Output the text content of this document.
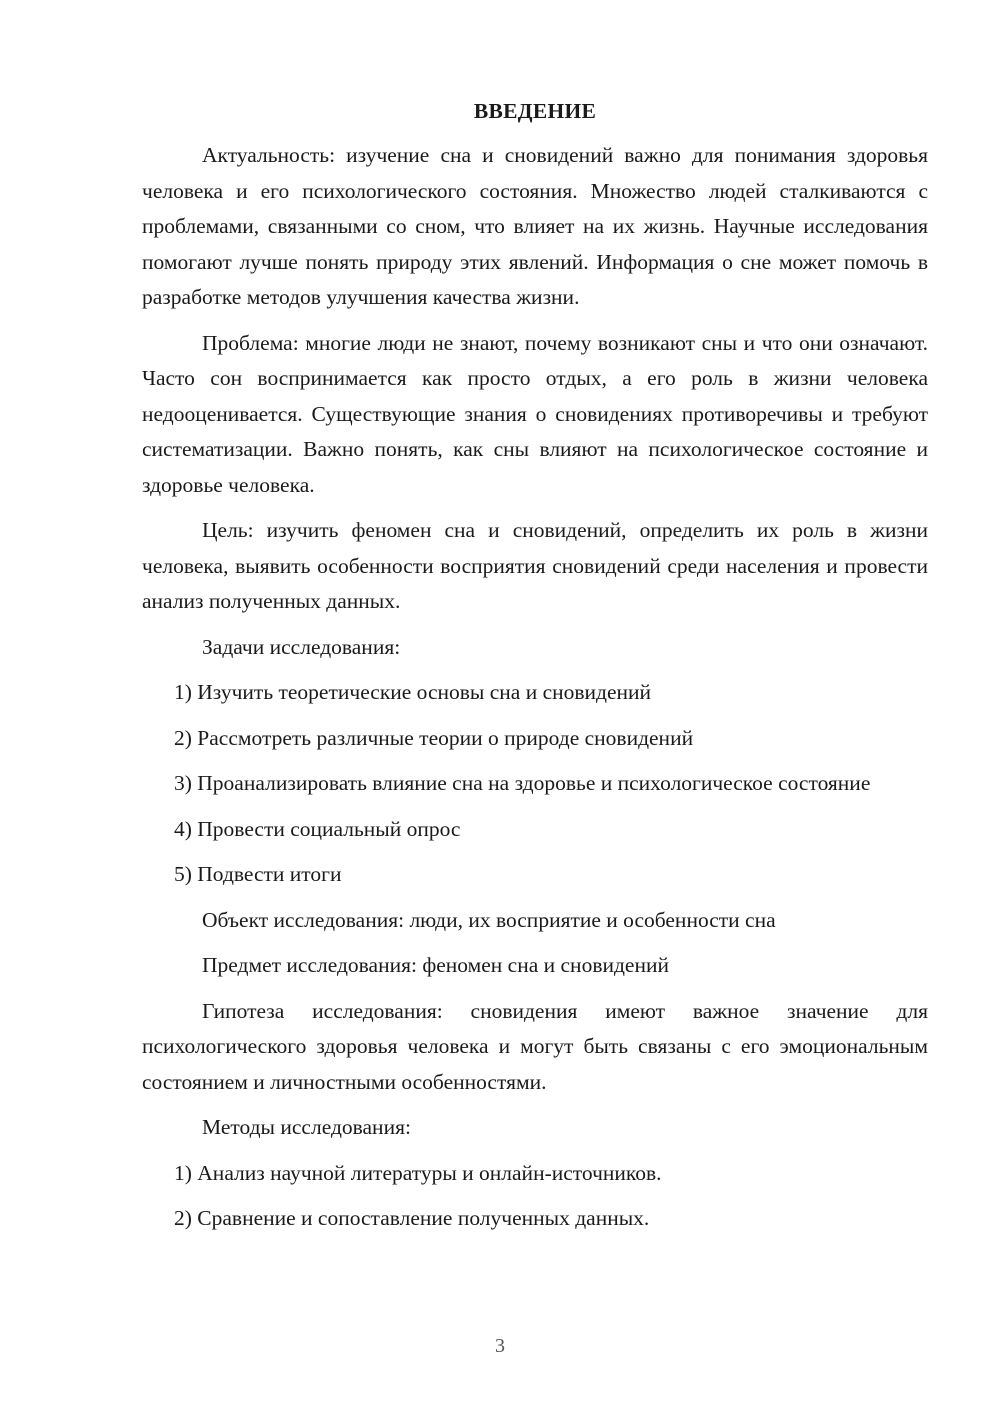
ВВЕДЕНИЕ

Актуальность: изучение сна и сновидений важно для понимания здоровья человека и его психологического состояния. Множество людей сталкиваются с проблемами, связанными со сном, что влияет на их жизнь. Научные исследования помогают лучше понять природу этих явлений. Информация о сне может помочь в разработке методов улучшения качества жизни.

Проблема: многие люди не знают, почему возникают сны и что они означают. Часто сон воспринимается как просто отдых, а его роль в жизни человека недооценивается. Существующие знания о сновидениях противоречивы и требуют систематизации. Важно понять, как сны влияют на психологическое состояние и здоровье человека.

Цель: изучить феномен сна и сновидений, определить их роль в жизни человека, выявить особенности восприятия сновидений среди населения и провести анализ полученных данных.

Задачи исследования:

1) Изучить теоретические основы сна и сновидений

2) Рассмотреть различные теории о природе сновидений

3) Проанализировать влияние сна на здоровье и психологическое состояние

4) Провести социальный опрос

5) Подвести итоги

Объект исследования: люди, их восприятие и особенности сна

Предмет исследования: феномен сна и сновидений

Гипотеза исследования: сновидения имеют важное значение для психологического здоровья человека и могут быть связаны с его эмоциональным состоянием и личностными особенностями.

Методы исследования:

1) Анализ научной литературы и онлайн-источников.

2) Сравнение и сопоставление полученных данных.

3
